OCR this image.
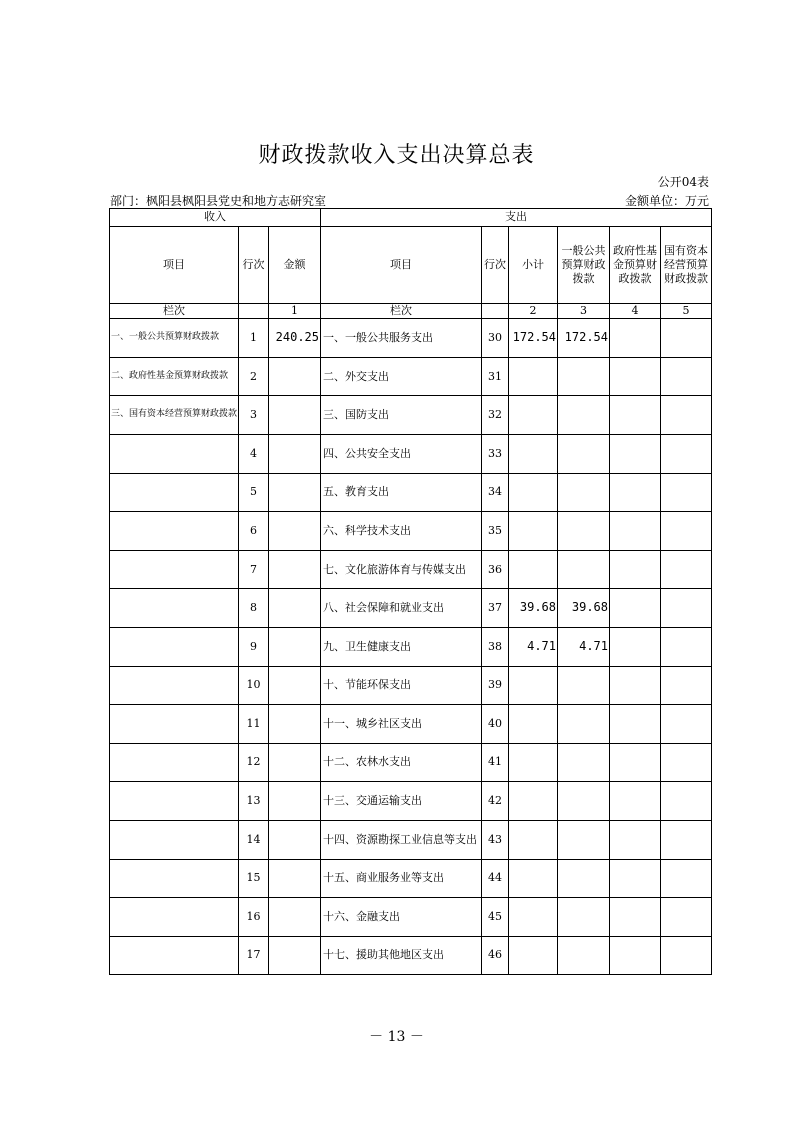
财政拨款收入支出决算总表
公开04表
部门：枫阳县枫阳县党史和地方志研究室	金额单位：万元
收入			支出					
项目	行次	金额	项目	行次	小计	一般公共预算财政拨款	政府性基金预算财政拨款	国有资本经营预算财政拨款
栏次		1	栏次		2	3	4	5
一、一般公共预算财政拨款	1	240.25	一、一般公共服务支出	30	172.54	172.54		
二、政府性基金预算财政拨款	2		二、外交支出	31				
三、国有资本经营预算财政拨款	3		三、国防支出	32				
	4		四、公共安全支出	33				
	5		五、教育支出	34				
	6		六、科学技术支出	35				
	7		七、文化旅游体育与传媒支出	36				
	8		八、社会保障和就业支出	37	39.68	39.68		
	9		九、卫生健康支出	38	4.71	4.71		
	10		十、节能环保支出	39				
	11		十一、城乡社区支出	40				
	12		十二、农林水支出	41				
	13		十三、交通运输支出	42				
	14		十四、资源勘探工业信息等支出	43				
	15		十五、商业服务业等支出	44				
	16		十六、金融支出	45				
	17		十七、援助其他地区支出	46				
－ 13 －
